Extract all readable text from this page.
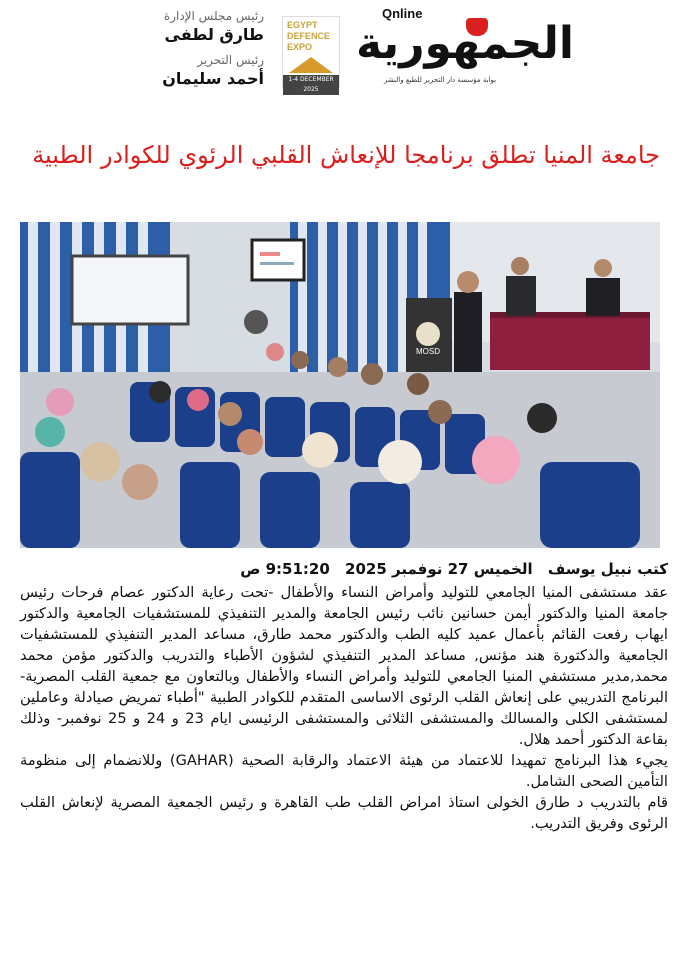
Qnline
الجمهورية
بوابة مؤسسة دار التحرير للطبع والنشر
EGYPT
DEFENCE
EXPO
1-4 DECEMBER 2025
رئيس مجلس الإدارة
طارق لطفى
رئيس التحرير
أحمد سليمان
جامعة المنيا تطلق برنامجا للإنعاش القلبي الرئوي للكوادر الطبية
MOSD
كتب نبيل يوسف الخميس 27 نوفمبر 2025 9:51:20 ص

عقد مستشفى المنيا الجامعي للتوليد وأمراض النساء والأطفال -تحت رعاية الدكتور عصام فرحات رئيس جامعة المنيا والدكتور أيمن حسانين نائب رئيس الجامعة والمدير التنفيذي للمستشفيات الجامعية والدكتور ايهاب رفعت القائم بأعمال عميد كليه الطب والدكتور محمد طارق، مساعد المدير التنفيذي للمستشفيات الجامعية والدكتورة هند مؤنس, مساعد المدير التنفيذي لشؤون الأطباء والتدريب والدكتور مؤمن محمد محمد,مدير مستشفي المنيا الجامعي للتوليد وأمراض النساء والأطفال وبالتعاون مع جمعية القلب المصرية- البرنامج التدريبي على إنعاش القلب الرئوى الاساسى المتقدم للكوادر الطبية "أطباء تمريض صيادلة وعاملين لمستشفى الكلى والمسالك والمستشفى الثلاثى والمستشفى الرئيسى ايام 23 و 24 و 25 نوفمبر- وذلك بقاعة الدكتور أحمد هلال.

يجيء هذا البرنامج تمهيدا للاعتماد من هيئة الاعتماد والرقابة الصحية (GAHAR) وللانضمام إلى منظومة التأمين الصحى الشامل.

قام بالتدريب د طارق الخولى استاذ امراض القلب طب القاهرة و رئيس الجمعية المصرية لإنعاش القلب الرئوى وفريق التدريب.
